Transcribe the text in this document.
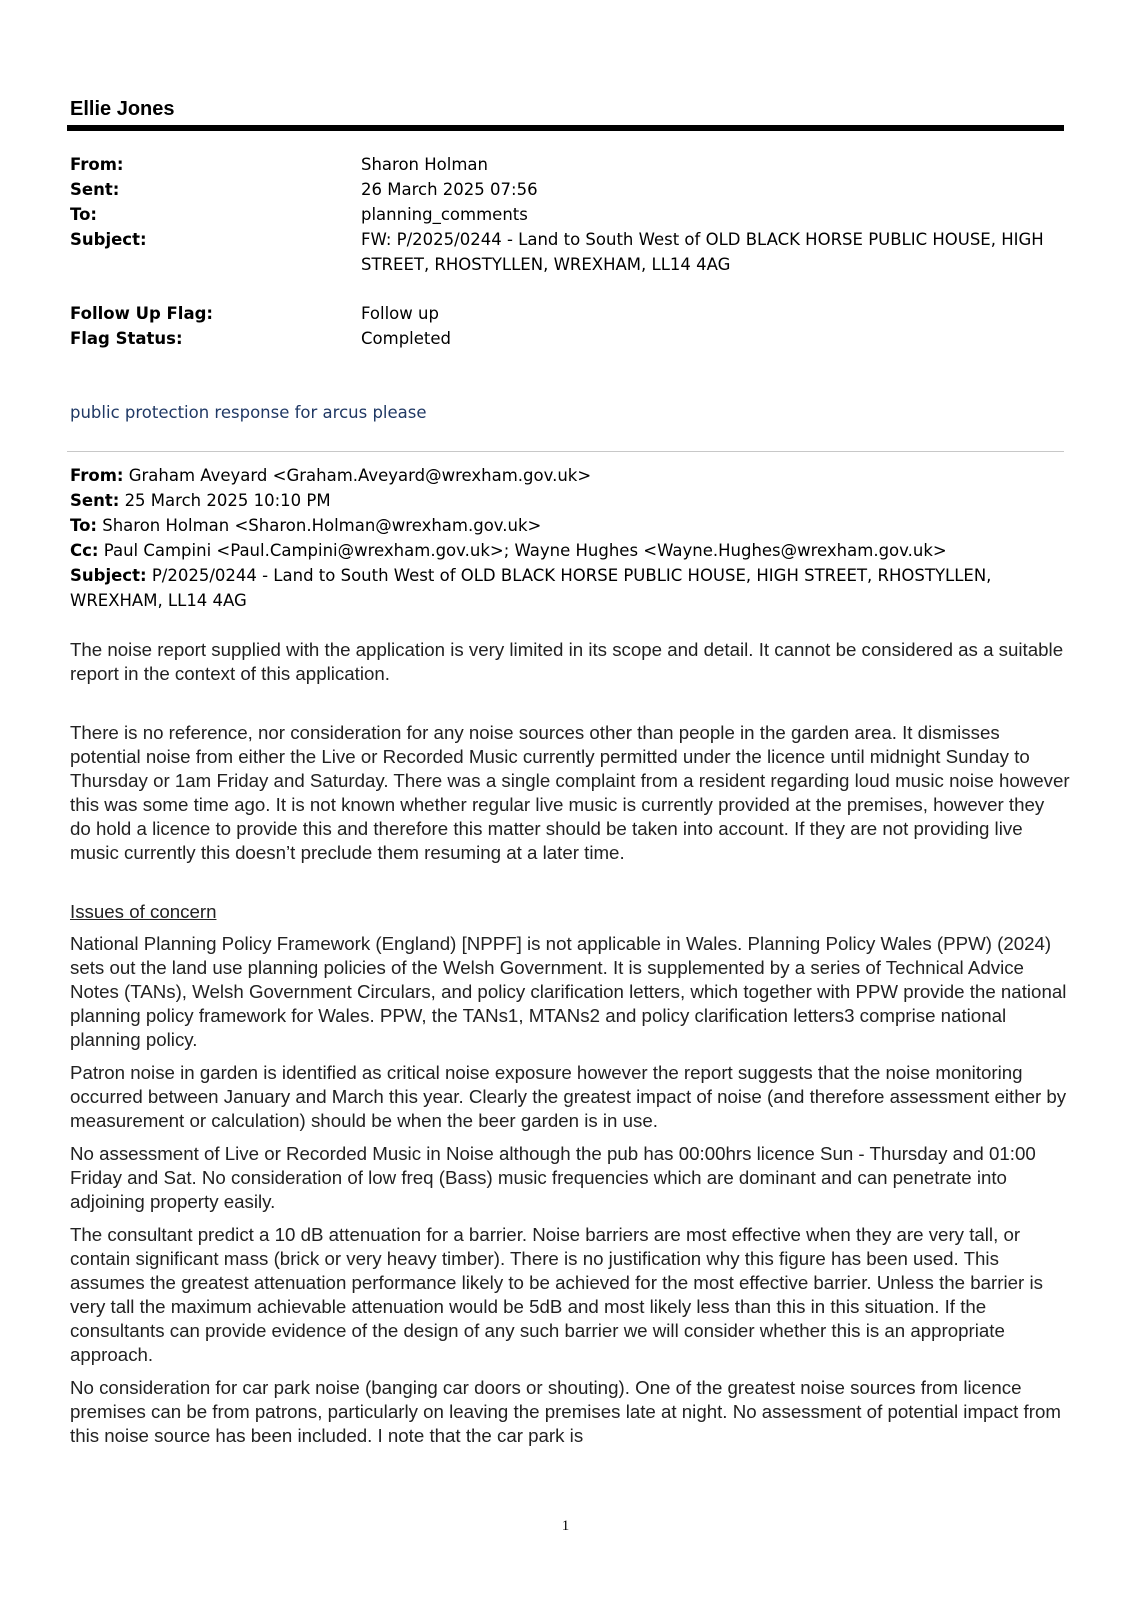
Ellie Jones
From:	Sharon Holman
Sent:	26 March 2025 07:56
To:	planning_comments
Subject:	FW: P/2025/0244 - Land to South West of OLD BLACK HORSE PUBLIC HOUSE, HIGH STREET, RHOSTYLLEN, WREXHAM, LL14 4AG
Follow Up Flag:	Follow up
Flag Status:	Completed
public protection response for arcus please
From: Graham Aveyard <Graham.Aveyard@wrexham.gov.uk>
Sent: 25 March 2025 10:10 PM
To: Sharon Holman <Sharon.Holman@wrexham.gov.uk>
Cc: Paul Campini <Paul.Campini@wrexham.gov.uk>; Wayne Hughes <Wayne.Hughes@wrexham.gov.uk>
Subject: P/2025/0244 - Land to South West of OLD BLACK HORSE PUBLIC HOUSE, HIGH STREET, RHOSTYLLEN, WREXHAM, LL14 4AG

The noise report supplied with the application is very limited in its scope and detail. It cannot be considered as a suitable report in the context of this application.

There is no reference, nor consideration for any noise sources other than people in the garden area. It dismisses potential noise from either the Live or Recorded Music currently permitted under the licence until midnight Sunday to Thursday or 1am Friday and Saturday. There was a single complaint from a resident regarding loud music noise however this was some time ago. It is not known whether regular live music is currently provided at the premises, however they do hold a licence to provide this and therefore this matter should be taken into account. If they are not providing live music currently this doesn’t preclude them resuming at a later time.

Issues of concern

National Planning Policy Framework (England) [NPPF] is not applicable in Wales. Planning Policy Wales (PPW) (2024) sets out the land use planning policies of the Welsh Government. It is supplemented by a series of Technical Advice Notes (TANs), Welsh Government Circulars, and policy clarification letters, which together with PPW provide the national planning policy framework for Wales. PPW, the TANs1, MTANs2 and policy clarification letters3 comprise national planning policy.

Patron noise in garden is identified as critical noise exposure however the report suggests that the noise monitoring occurred between January and March this year. Clearly the greatest impact of noise (and therefore assessment either by measurement or calculation) should be when the beer garden is in use.

No assessment of Live or Recorded Music in Noise although the pub has 00:00hrs licence Sun - Thursday and 01:00 Friday and Sat. No consideration of low freq (Bass) music frequencies which are dominant and can penetrate into adjoining property easily.

The consultant predict a 10 dB attenuation for a barrier. Noise barriers are most effective when they are very tall, or contain significant mass (brick or very heavy timber). There is no justification why this figure has been used. This assumes the greatest attenuation performance likely to be achieved for the most effective barrier. Unless the barrier is very tall the maximum achievable attenuation would be 5dB and most likely less than this in this situation. If the consultants can provide evidence of the design of any such barrier we will consider whether this is an appropriate approach.

No consideration for car park noise (banging car doors or shouting). One of the greatest noise sources from licence premises can be from patrons, particularly on leaving the premises late at night. No assessment of potential impact from this noise source has been included. I note that the car park is

1
